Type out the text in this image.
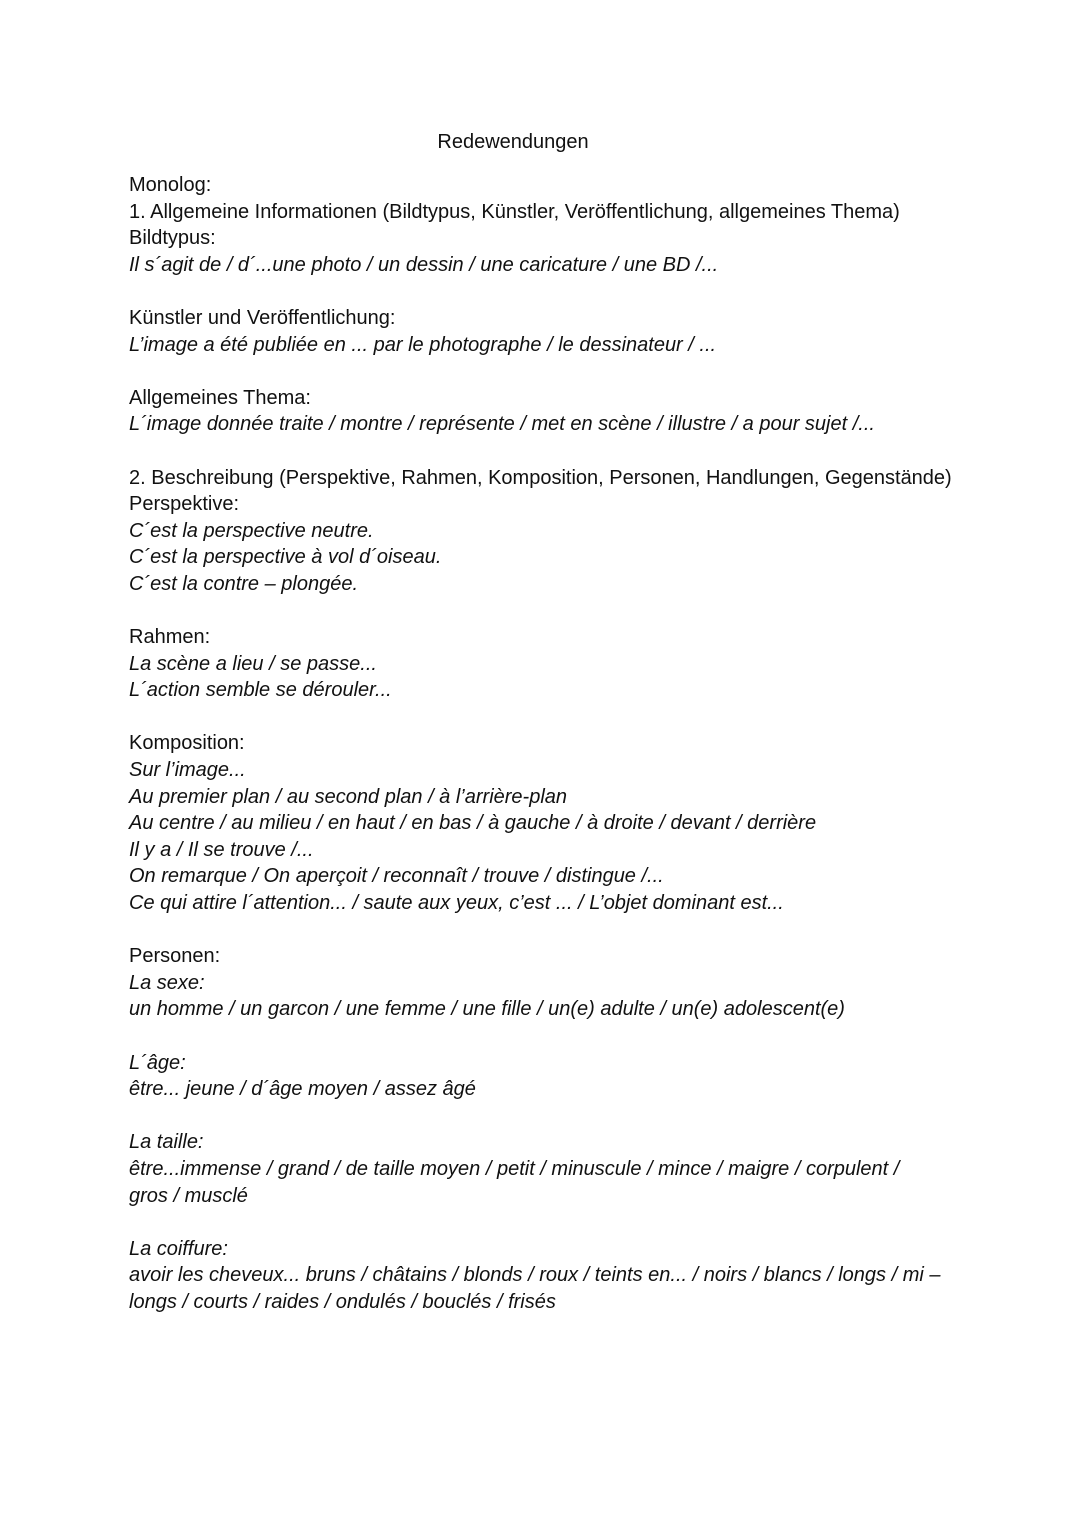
Redewendungen
Monolog:
1. Allgemeine Informationen (Bildtypus, Künstler, Veröffentlichung, allgemeines Thema)
Bildtypus:
Il s´agit de / d´...une photo / un dessin / une caricature / une BD /...
Künstler und Veröffentlichung:
L’image a été publiée en ... par le photographe / le dessinateur / ...
Allgemeines Thema:
L´image donnée traite / montre / représente / met en scène / illustre / a pour sujet /...
2. Beschreibung (Perspektive, Rahmen, Komposition, Personen, Handlungen, Gegenstände)
Perspektive:
C´est la perspective neutre.
C´est la perspective à vol d´oiseau.
C´est la contre – plongée.
Rahmen:
La scène a lieu / se passe...
L´action semble se dérouler...
Komposition:
Sur l’image...
Au premier plan / au second plan / à l’arrière-plan
Au centre / au milieu / en haut / en bas / à gauche / à droite / devant / derrière
Il y a / Il se trouve /...
On remarque / On aperçoit / reconnaît / trouve / distingue /...
Ce qui attire l´attention... / saute aux yeux, c’est ... / L’objet dominant est...
Personen:
La sexe:
un homme / un garcon / une femme / une fille / un(e) adulte / un(e) adolescent(e)
L´âge:
être... jeune / d´âge moyen / assez âgé
La taille:
être...immense / grand / de taille moyen / petit / minuscule / mince / maigre / corpulent /
gros / musclé
La coiffure:
avoir les cheveux... bruns / châtains / blonds / roux / teints en... / noirs / blancs / longs / mi –
longs / courts / raides / ondulés / bouclés / frisés
